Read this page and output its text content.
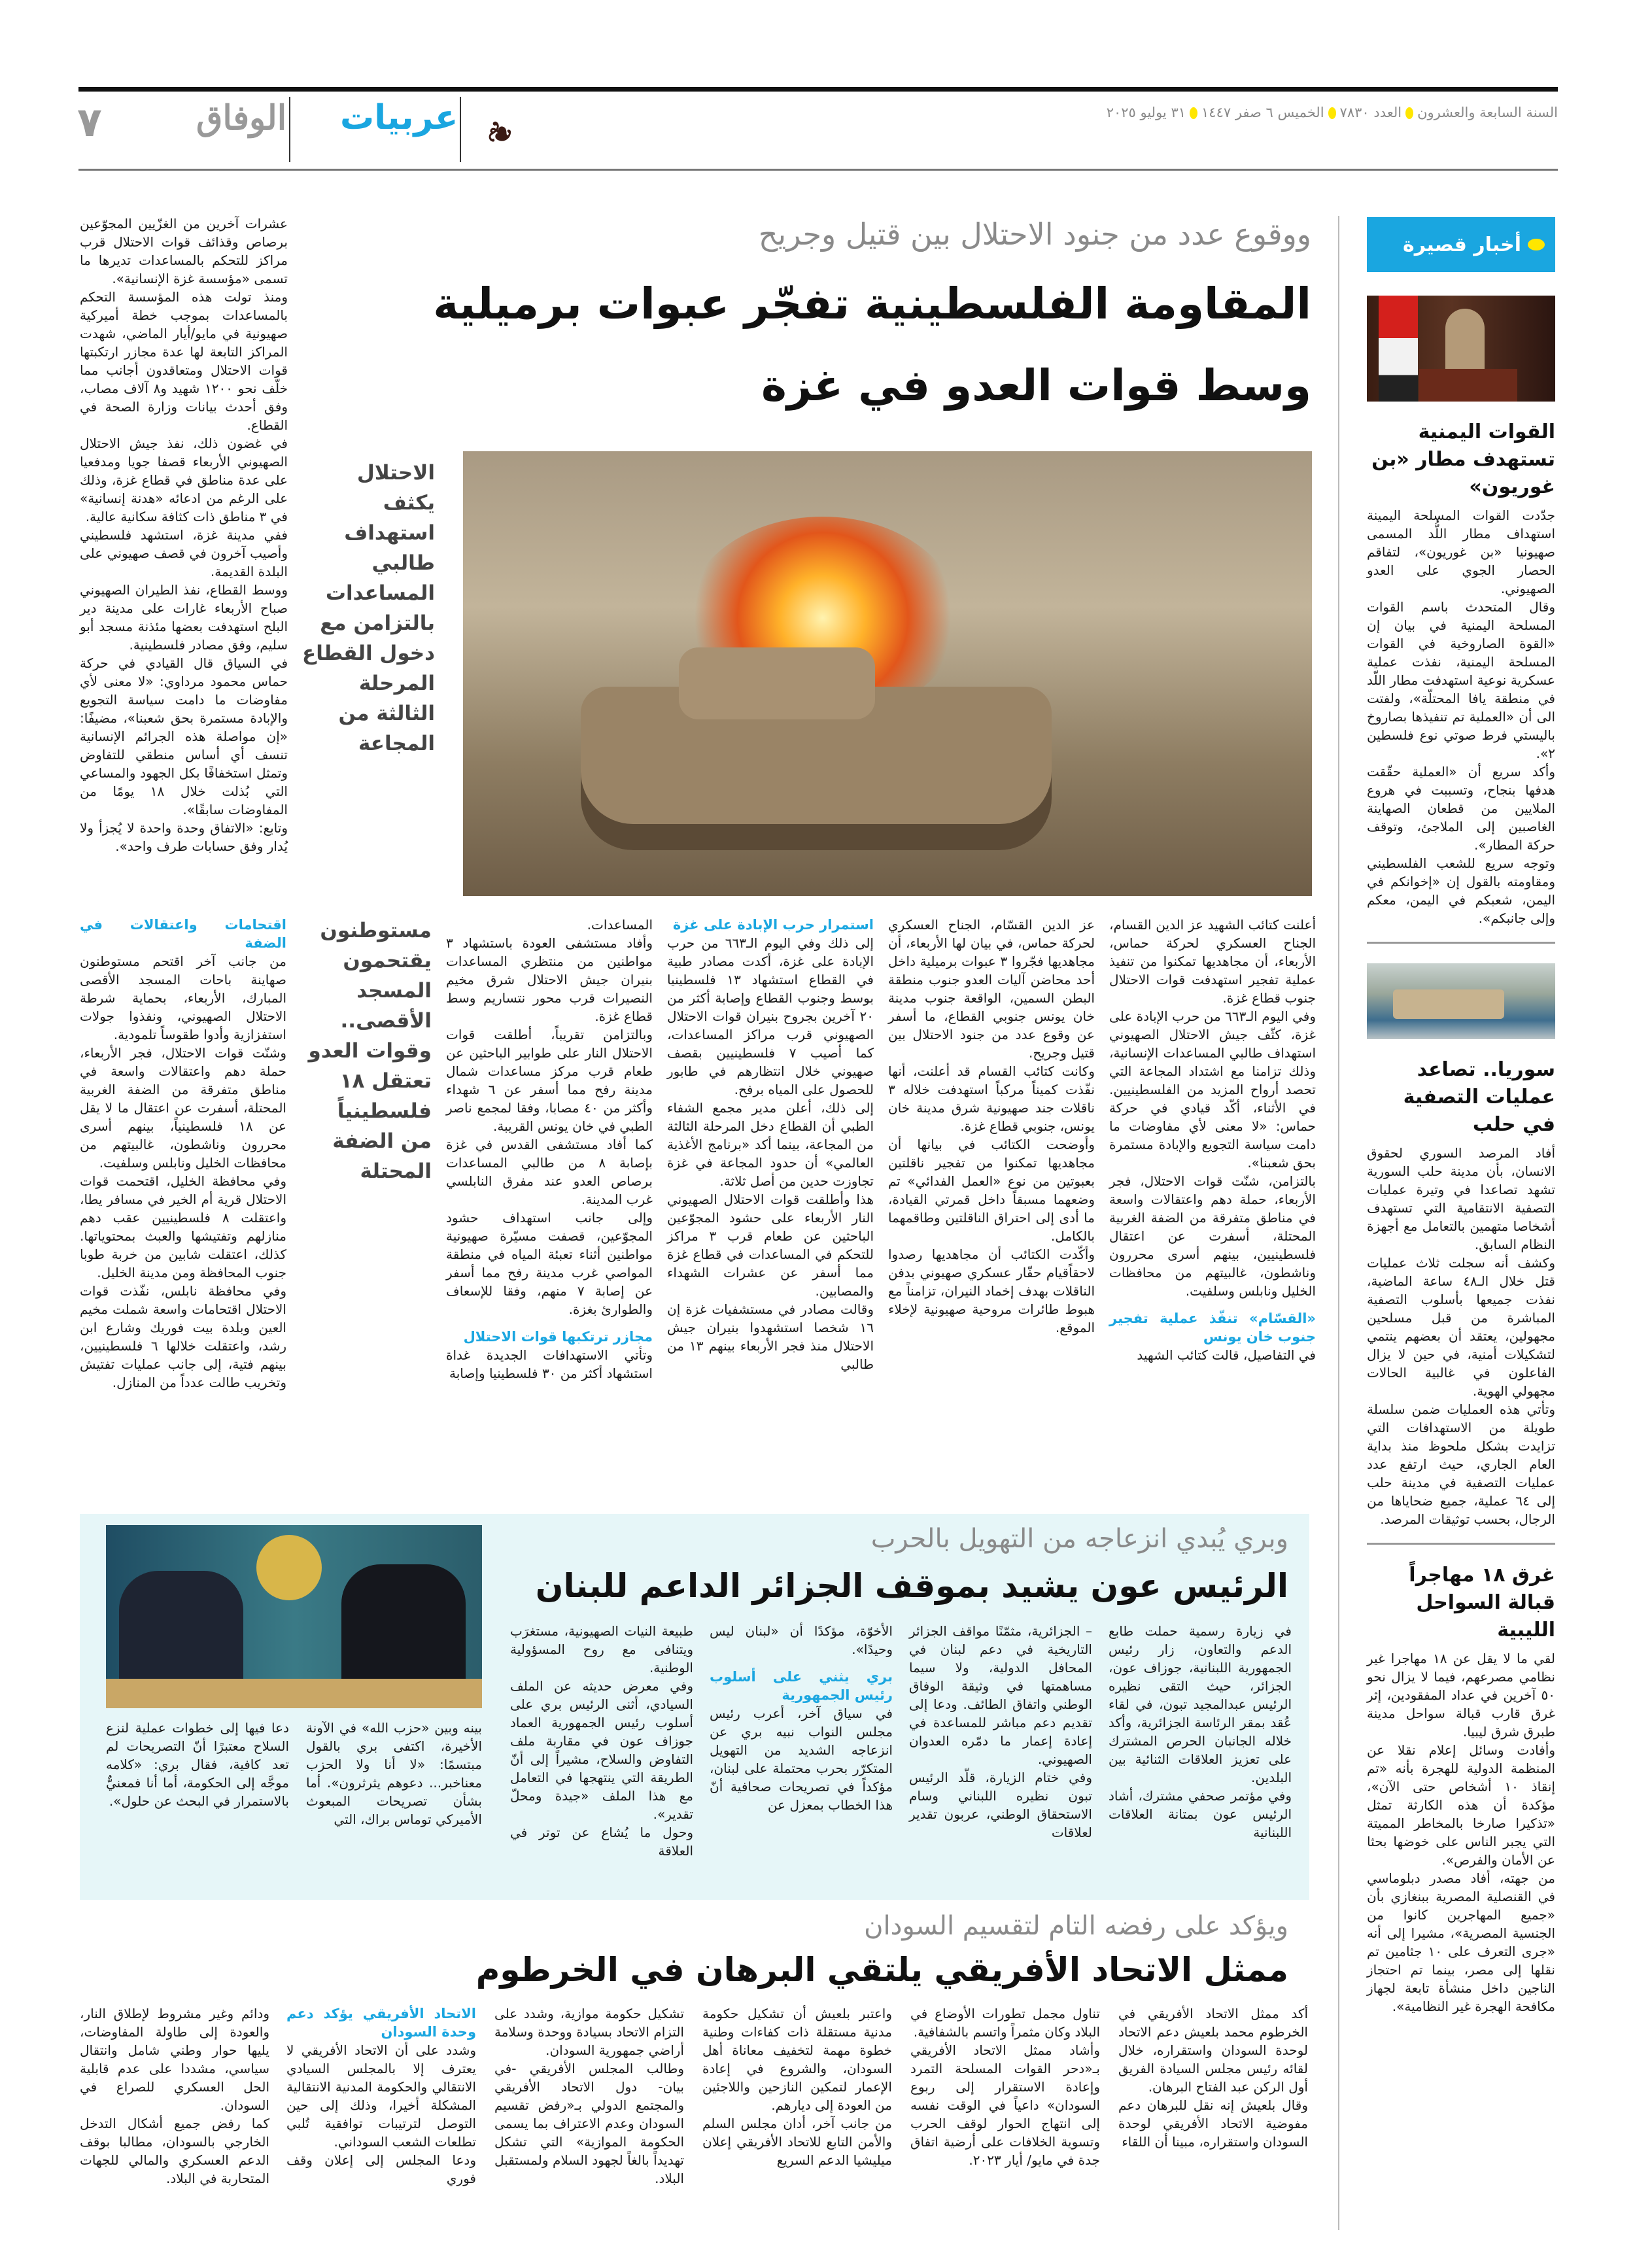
٧	الوفاق عربيات ❦
السنة السابعة والعشرونالعدد ٧٨٣٠الخميس ٦ صفر ١٤٤٧٣١ يوليو ٢٠٢٥
أخبار قصيرة
القوات اليمنية تستهدف مطار «بن غوريون»

جدّدت القوات المسلحة اليمينة استهداف مطار اللُّد المسمى صهيونيا «بن غوريون»، لتفاقم الحصار الجوي على العدو الصهيوني.

وقال المتحدث باسم القوات المسلحة اليمنية في بيان إن «القوة الصاروخية في القوات المسلحة اليمنية، نفذت عملية عسكرية نوعية استهدفت مطار اللّد في منطقة يافا المحتلّة»، ولفتت الى أن «العملية تم تنفيذها بصاروخ باليستي فرط صوتي نوع فلسطين ٢».

وأكد سريع أن «العملية حقّقت هدفها بنجاح، وتسببت في هروع الملايين من قطعان الصهاينة الغاصبين إلى الملاجئ، وتوقف حركة المطار».

وتوجه سريع للشعب الفلسطيني ومقاومته بالقول إن «إخوانكم في اليمن، شعبكم في اليمن، معكم وإلى جانبكم».

سوريا.. تصاعد عمليات التصفية في حلب

أفاد المرصد السوري لحقوق الانسان، بأن مدينة حلب السورية تشهد تصاعدا في وتيرة عمليات التصفية الانتقامية التي تستهدف أشخاصا متهمين بالتعامل مع أجهزة النظام السابق.

وكشف أنه سجلت ثلاث عمليات قتل خلال الـ٤٨ ساعة الماضية، نفذت جميعها بأسلوب التصفية المباشرة من قبل مسلحين مجهولين، يعتقد أن بعضهم ينتمي لتشكيلات أمنية، في حين لا يزال الفاعلون في غالبية الحالات مجهولي الهوية.

وتأتي هذه العمليات ضمن سلسلة طويلة من الاستهدافات التي تزايدت بشكل ملحوظ منذ بداية العام الجاري، حيث ارتفع عدد عمليات التصفية في مدينة حلب إلى ٦٤ عملية، جميع ضحاياها من الرجال، بحسب توثيقات المرصد.

غرق ١٨ مهاجراً قبالة السواحل الليبية

لقي ما لا يقل عن ١٨ مهاجرا غير نظامي مصرعهم، فيما لا يزال نحو ٥٠ آخرين في عداد المفقودين، إثر غرق قارب قبالة سواحل مدينة طبرق شرق ليبيا.

وأفادت وسائل إعلام نقلا عن المنظمة الدولية للهجرة بأنه «تم إنقاذ ١٠ أشخاص حتى الآن»، مؤكدة أن هذه الكارثة تمثل «تذكيرا صارخا بالمخاطر المميتة التي يجبر الناس على خوضها بحثا عن الأمان والفرص».

من جهته، أفاد مصدر دبلوماسي في القنصلية المصرية ببنغازي بأن «جميع المهاجرين كانوا من الجنسية المصرية»، مشيرا إلى أنه «جرى التعرف على ١٠ جثامين تم نقلها إلى مصر، بينما تم احتجاز الناجين داخل منشأة تابعة لجهاز مكافحة الهجرة غير النظامية».

ووقوع عدد من جنود الاحتلال بين قتيل وجريح
المقاومة الفلسطينية تفجّر عبوات برميلية
وسط قوات العدو في غزة

عشرات آخرين من الغزّيين المجوّعين برصاص وقذائف قوات الاحتلال قرب مراكز للتحكم بالمساعدات تديرها ما تسمى «مؤسسة غزة الإنسانية».

ومنذ تولت هذه المؤسسة التحكم بالمساعدات بموجب خطة أميركية صهيونية في مايو/أيار الماضي، شهدت المراكز التابعة لها عدة مجازر ارتكبتها قوات الاحتلال ومتعاقدون أجانب مما خلّف نحو ١٢٠٠ شهيد و٨ آلاف مصاب، وفق أحدث بيانات وزارة الصحة في القطاع.

في غضون ذلك، نفذ جيش الاحتلال الصهيوني الأربعاء قصفا جويا ومدفعيا على عدة مناطق في قطاع غزة، وذلك على الرغم من ادعائه «هدنة إنسانية» في ٣ مناطق ذات كثافة سكانية عالية.

ففي مدينة غزة، استشهد فلسطيني وأصيب آخرون في قصف صهيوني على البلدة القديمة.

ووسط القطاع، نفذ الطيران الصهيوني صباح الأربعاء غارات على مدينة دير البلح استهدفت بعضها مئذنة مسجد أبو سليم، وفق مصادر فلسطينية.

في السياق قال القيادي في حركة حماس محمود مرداوي: «لا معنى لأي مفاوضات ما دامت سياسة التجويع والإبادة مستمرة بحق شعبنا»، مضيفًا: «إن مواصلة هذه الجرائم الإنسانية تنسف أي أساس منطقي للتفاوض وتمثل استخفافًا بكل الجهود والمساعي التي بُذلت خلال ١٨ يومًا من المفاوضات سابقًا».

وتابع: «الاتفاق وحدة واحدة لا يُجزأ ولا يُدار وفق حسابات طرف واحد».

الاحتلال يكثف استهداف طالبي المساعدات بالتزامن مع دخول القطاع المرحلة الثالثة من المجاعة

أعلنت كتائب الشهيد عز الدين القسام، الجناح العسكري لحركة حماس، الأربعاء، أن مجاهديها تمكنوا من تنفيذ عملية تفجير استهدفت قوات الاحتلال جنوب قطاع غزة.

وفي اليوم الـ٦٦٣ من حرب الإبادة على غزة، كثّف جيش الاحتلال الصهيوني استهداف طالبي المساعدات الإنسانية، وذلك تزامنا مع اشتداد المجاعة التي تحصد أرواح المزيد من الفلسطينيين. في الأثناء، أكّد قيادي في حركة حماس: «لا معنى لأي مفاوضات ما دامت سياسة التجويع والإبادة مستمرة بحق شعبنا».

بالتزامن، شنّت قوات الاحتلال، فجر الأربعاء، حملة دهم واعتقالات واسعة في مناطق متفرقة من الضفة الغربية المحتلة، أسفرت عن اعتقال فلسطينيين، بينهم أسرى محررون وناشطون، غالبيتهم من محافظات الخليل ونابلس وسلفيت.

«القسّام» تنفّذ عملية تفجير جنوب خان يونس

في التفاصيل، قالت كتائب الشهيد

عز الدين القسّام، الجناح العسكري لحركة حماس، في بيان لها الأربعاء، أن مجاهديها فجّروا ٣ عبوات برميلية داخل أحد محاضن آليات العدو جنوب منطقة البطن السمين، الواقعة جنوب مدينة خان يونس جنوبي القطاع، ما أسفر عن وقوع عدد من جنود الاحتلال بين قتيل وجريح.

وكانت كتائب القسام قد أعلنت، أنها نفّذت كميناً مركباً استهدفت خلاله ٣ ناقلات جند صهيونية شرق مدينة خان يونس، جنوبي قطاع غزة.

وأوضحت الكتائب في بيانها أن مجاهديها تمكنوا من تفجير ناقلتين بعبوتين من نوع «العمل الفدائي» تم وضعهما مسبقاً داخل قمرتي القيادة، ما أدى إلى احتراق الناقلتين وطاقمهما بالكامل.

وأكّدت الكتائب أن مجاهديها رصدوا لاحقاًقيام حفّار عسكري صهيوني بدفن الناقلات بهدف إخماد النيران، تزامناً مع هبوط طائرات مروحية صهيونية لإخلاء الموقع.

استمرار حرب الإبادة على غزة

إلى ذلك وفي اليوم الـ٦٦٣ من حرب الإبادة على غزة، أكدت مصادر طبية في القطاع استشهاد ١٣ فلسطينيا بوسط وجنوب القطاع وإصابة أكثر من ٢٠ آخرين بجروح بنيران قوات الاحتلال الصهيوني قرب مراكز المساعدات، كما أصيب ٧ فلسطينيين بقصف صهيوني خلال انتظارهم في طابور للحصول على المياه برفح.

إلى ذلك، أعلن مدير مجمع الشفاء الطبي أن القطاع دخل المرحلة الثالثة من المجاعة، بينما أكد «برنامج الأغذية العالمي» أن حدود المجاعة في غزة تجاوزت حدين من أصل ثلاثة.

هذا وأطلقت قوات الاحتلال الصهيوني النار الأربعاء على حشود المجوّعين الباحثين عن طعام قرب ٣ مراكز للتحكم في المساعدات في قطاع غزة مما أسفر عن عشرات الشهداء والمصابين.

وقالت مصادر في مستشفيات غزة إن ١٦ شخصا استشهدوا بنيران جيش الاحتلال منذ فجر الأربعاء بينهم ١٣ من طالبي

المساعدات.

وأفاد مستشفى العودة باستشهاد ٣ مواطنين من منتظري المساعدات بنيران جيش الاحتلال شرق مخيم النصيرات قرب محور نتساريم وسط قطاع غزة.

وبالتزامن تقريباً، أطلقت قوات الاحتلال النار على طوابير الباحثين عن طعام قرب مركز مساعدات شمال مدينة رفح مما أسفر عن ٦ شهداء وأكثر من ٤٠ مصابا، وفقا لمجمع ناصر الطبي في خان يونس القريبة.

كما أفاد مستشفى القدس في غزة بإصابة ٨ من طالبي المساعدات برصاص العدو عند مفرق النابلسي غرب المدينة.

وإلى جانب استهداف حشود المجوّعين، قصفت مسيّرة صهيونية مواطنين أثناء تعبئة المياه في منطقة المواصي غرب مدينة رفح مما أسفر عن إصابة ٧ منهم، وفقا للإسعاف والطوارئ بغزة.

مجازر ترتكبها قوات الاحتلال

وتأتي الاستهدافات الجديدة غداة استشهاد أكثر من ٣٠ فلسطينيا وإصابة

مستوطنون يقتحمون المسجد الأقصى.. وقوات العدو تعتقل ١٨ فلسطينياً من الضفة المحتلة

اقتحامات واعتقالات في الضفة

من جانب آخر اقتحم مستوطنون صهاينة باحات المسجد الأقصى المبارك، الأربعاء، بحماية شرطة الاحتلال الصهيوني، ونفذوا جولات استفزازية وأدوا طقوساً تلمودية.

وشنّت قوات الاحتلال، فجر الأربعاء، حملة دهم واعتقالات واسعة في مناطق متفرقة من الضفة الغربية المحتلة، أسفرت عن اعتقال ما لا يقل عن ١٨ فلسطينياً، بينهم أسرى محررون وناشطون، غالبيتهم من محافظات الخليل ونابلس وسلفيت.

وفي محافظة الخليل، اقتحمت قوات الاحتلال قرية أم الخير في مسافر يطا، واعتقلت ٨ فلسطينيين عقب دهم منازلهم وتفتيشها والعبث بمحتوياتها. كذلك، اعتقلت شابين من خربة طوبا جنوب المحافظة ومن مدينة الخليل.

وفي محافظة نابلس، نفّذت قوات الاحتلال اقتحامات واسعة شملت مخيم العين وبلدة بيت فوريك وشارع ابن رشد، واعتقلت خلالها ٦ فلسطينيين، بينهم فتية، إلى جانب عمليات تفتيش وتخريب طالت عدداً من المنازل.

وبري يُبدي انزعاجه من التهويل بالحرب
الرئيس عون يشيد بموقف الجزائر الداعم للبنان

في زيارة رسمية حملت طابع الدعم والتعاون، زار رئيس الجمهورية اللبنانية، جوزاف عون، الجزائر، حيث التقى نظيره الرئيس عبدالمجيد تبون، في لقاء عُقد بمقر الرئاسة الجزائرية، وأكد خلاله الجانبان الحرص المشترك على تعزيز العلاقات الثنائية بين البلدين.

وفي مؤتمر صحفي مشترك، أشاد الرئيس عون بمتانة العلاقات اللبنانية

– الجزائرية، مثمّنًا مواقف الجزائر التاريخية في دعم لبنان في المحافل الدولية، ولا سيما مساهمتها في وثيقة الوفاق الوطني واتفاق الطائف. ودعا إلى تقديم دعم مباشر للمساعدة في إعادة إعمار ما دمّره العدوان الصهيوني.

وفي ختام الزيارة، قلّد الرئيس تبون نظيره اللبناني وسام الاستحقاق الوطني، عربون تقدير لعلاقات

الأخوّة، مؤكدًا أن «لبنان ليس وحيدًا».

بري يثني على أسلوب رئيس الجمهورية

في سياق آخر، أعرب رئيس مجلس النواب نبيه بري عن انزعاجه الشديد من التهويل المتكرّر بحرب محتملة على لبنان، مؤكداً في تصريحات صحافية أنّ هذا الخطاب بمعزل عن

طبيعة النيات الصهيونية، مستغرَب ويتنافى مع روح المسؤولية الوطنية.

وفي معرض حديثه عن الملف السيادي، أثنى الرئيس بري على أسلوب رئيس الجمهورية العماد جوزاف عون في مقاربة ملف التفاوض والسلاح، مشيراً إلى أنّ الطريقة التي ينتهجها في التعامل مع هذا الملف «جيدة ومحلّ تقدير».

وحول ما يُشاع عن توتر في العلاقة

بينه وبين «حزب الله» في الآونة الأخيرة، اكتفى بري بالقول مبتسمًا: «لا أنا ولا الحزب معناخبر... دعوهم يثرثرون». أما بشأن تصريحات المبعوث الأميركي توماس براك، التي

دعا فيها إلى خطوات عملية لنزع السلاح معتبرًا أنّ التصريحات لم تعد كافية، فقال بري: «كلامه موجَّه إلى الحكومة، أما أنا فمعنيٌّ بالاستمرار في البحث عن حلول».

ويؤكد على رفضه التام لتقسيم السودان
ممثل الاتحاد الأفريقي يلتقي البرهان في الخرطوم

أكد ممثل الاتحاد الأفريقي في الخرطوم محمد بلعيش دعم الاتحاد لوحدة السودان واستقراره، خلال لقائه رئيس مجلس السيادة الفريق أول الركن عبد الفتاح البرهان.

وقال بلعيش إنه نقل للبرهان دعم مفوضية الاتحاد الأفريقي لوحدة السودان واستقراره، مبينا أن اللقاء

تناول مجمل تطورات الأوضاع في البلاد وكان مثمراً واتسم بالشفافية.

وأشاد ممثل الاتحاد الأفريقي بـ«دحر القوات المسلحة التمرد وإعادة الاستقرار إلى ربوع السودان» داعياً في الوقت نفسه إلى انتهاج الحوار لوقف الحرب وتسوية الخلافات على أرضية اتفاق جدة في مايو/ أيار ٢٠٢٣.

واعتبر بلعيش أن تشكيل حكومة مدنية مستقلة ذات كفاءات وطنية خطوة مهمة لتخفيف معاناة أهل السودان، والشروع في إعادة الإعمار لتمكين النازحين واللاجئين من العودة إلى ديارهم.

من جانب آخر، أدان مجلس السلم والأمن التابع للاتحاد الأفريقي إعلان ميليشيا الدعم السريع

تشكيل حكومة موازية، وشدد على التزام الاتحاد بسيادة ووحدة وسلامة أراضي جمهورية السودان.

وطالب المجلس الأفريقي -في بيان- دول الاتحاد الأفريقي والمجتمع الدولي بـ«رفض تقسيم السودان وعدم الاعتراف بما يسمى الحكومة الموازية» التي تشكل تهديداً بالغاً لجهود السلام ولمستقبل البلاد.

الاتحاد الأفريقي يؤكد دعم وحدة السودان

وشدد على أن الاتحاد الأفريقي لا يعترف إلا بالمجلس السيادي الانتقالي والحكومة المدنية الانتقالية المشكلة أخيرا، وذلك إلى حين التوصل لترتيبات توافقية تُلبي تطلعات الشعب السوداني.

ودعا المجلس إلى إعلان وقف فوري

ودائم وغير مشروط لإطلاق النار، والعودة إلى طاولة المفاوضات، يليها حوار وطني شامل وانتقال سياسي، مشددا على عدم قابلية الحل العسكري للصراع في السودان.

كما رفض جميع أشكال التدخل الخارجي بالسودان، مطالبا بوقف الدعم العسكري والمالي للجهات المتحاربة في البلاد.
